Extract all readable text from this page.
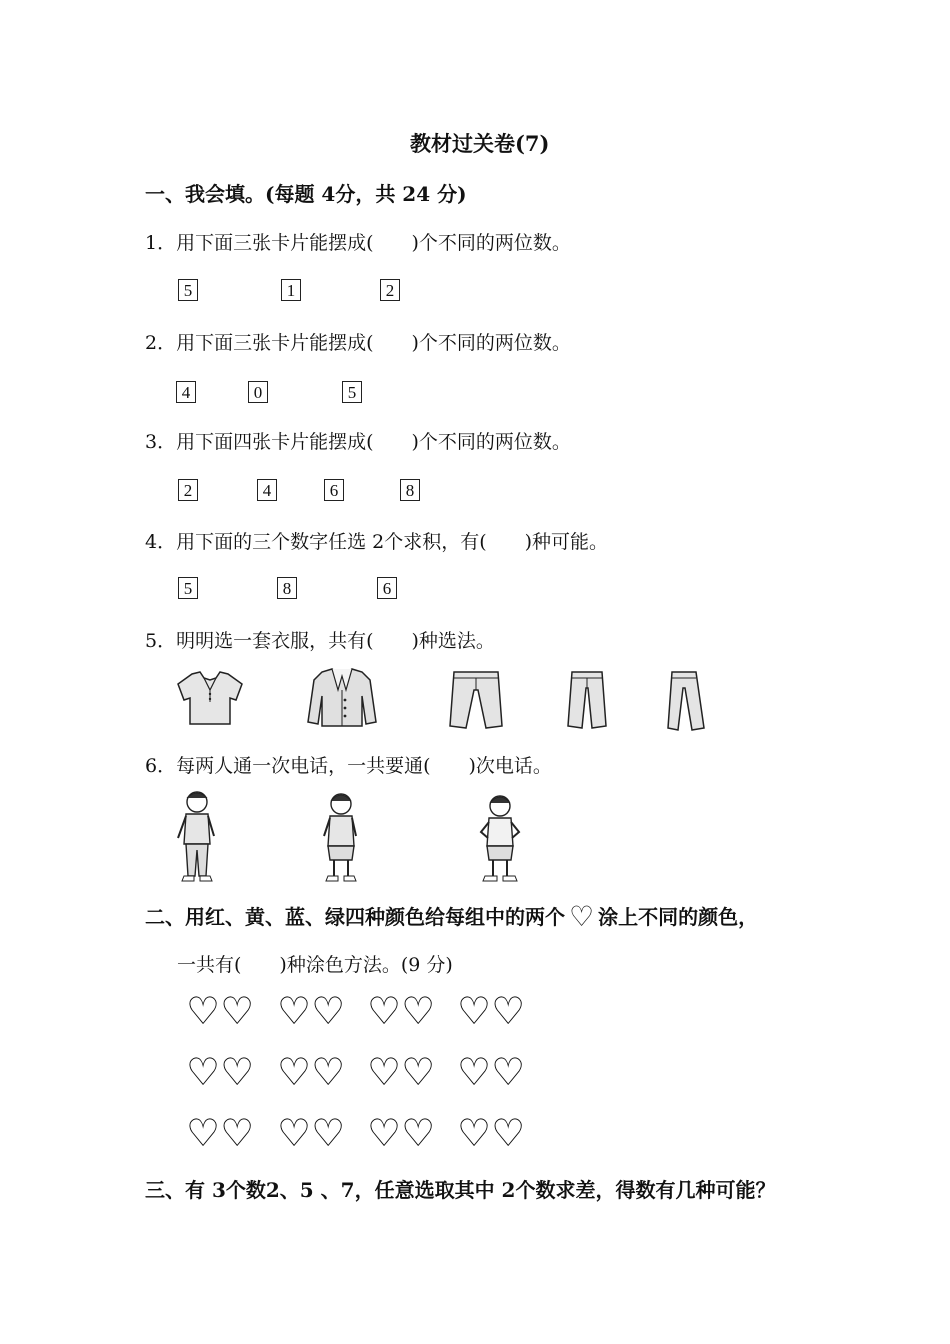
教材过关卷(7)
一、我会填。(每题 4分，共 24 分)
1．用下面三张卡片能摆成(　　)个不同的两位数。
5	1	2
2．用下面三张卡片能摆成(　　)个不同的两位数。
4	0	5
3．用下面四张卡片能摆成(　　)个不同的两位数。
2	4	6	8
4．用下面的三个数字任选 2个求积，有(　　)种可能。
5	8	6
5．明明选一套衣服，共有(　　)种选法。
6．每两人通一次电话，一共要通(　　)次电话。
二、用红、黄、蓝、绿四种颜色给每组中的两个 ♡ 涂上不同的颜色，
一共有(　　)种涂色方法。(9 分)
♡♡ ♡♡ ♡♡ ♡♡
♡♡ ♡♡ ♡♡ ♡♡
♡♡ ♡♡ ♡♡ ♡♡
三、有 3个数2、5 、7，任意选取其中 2个数求差，得数有几种可能？
